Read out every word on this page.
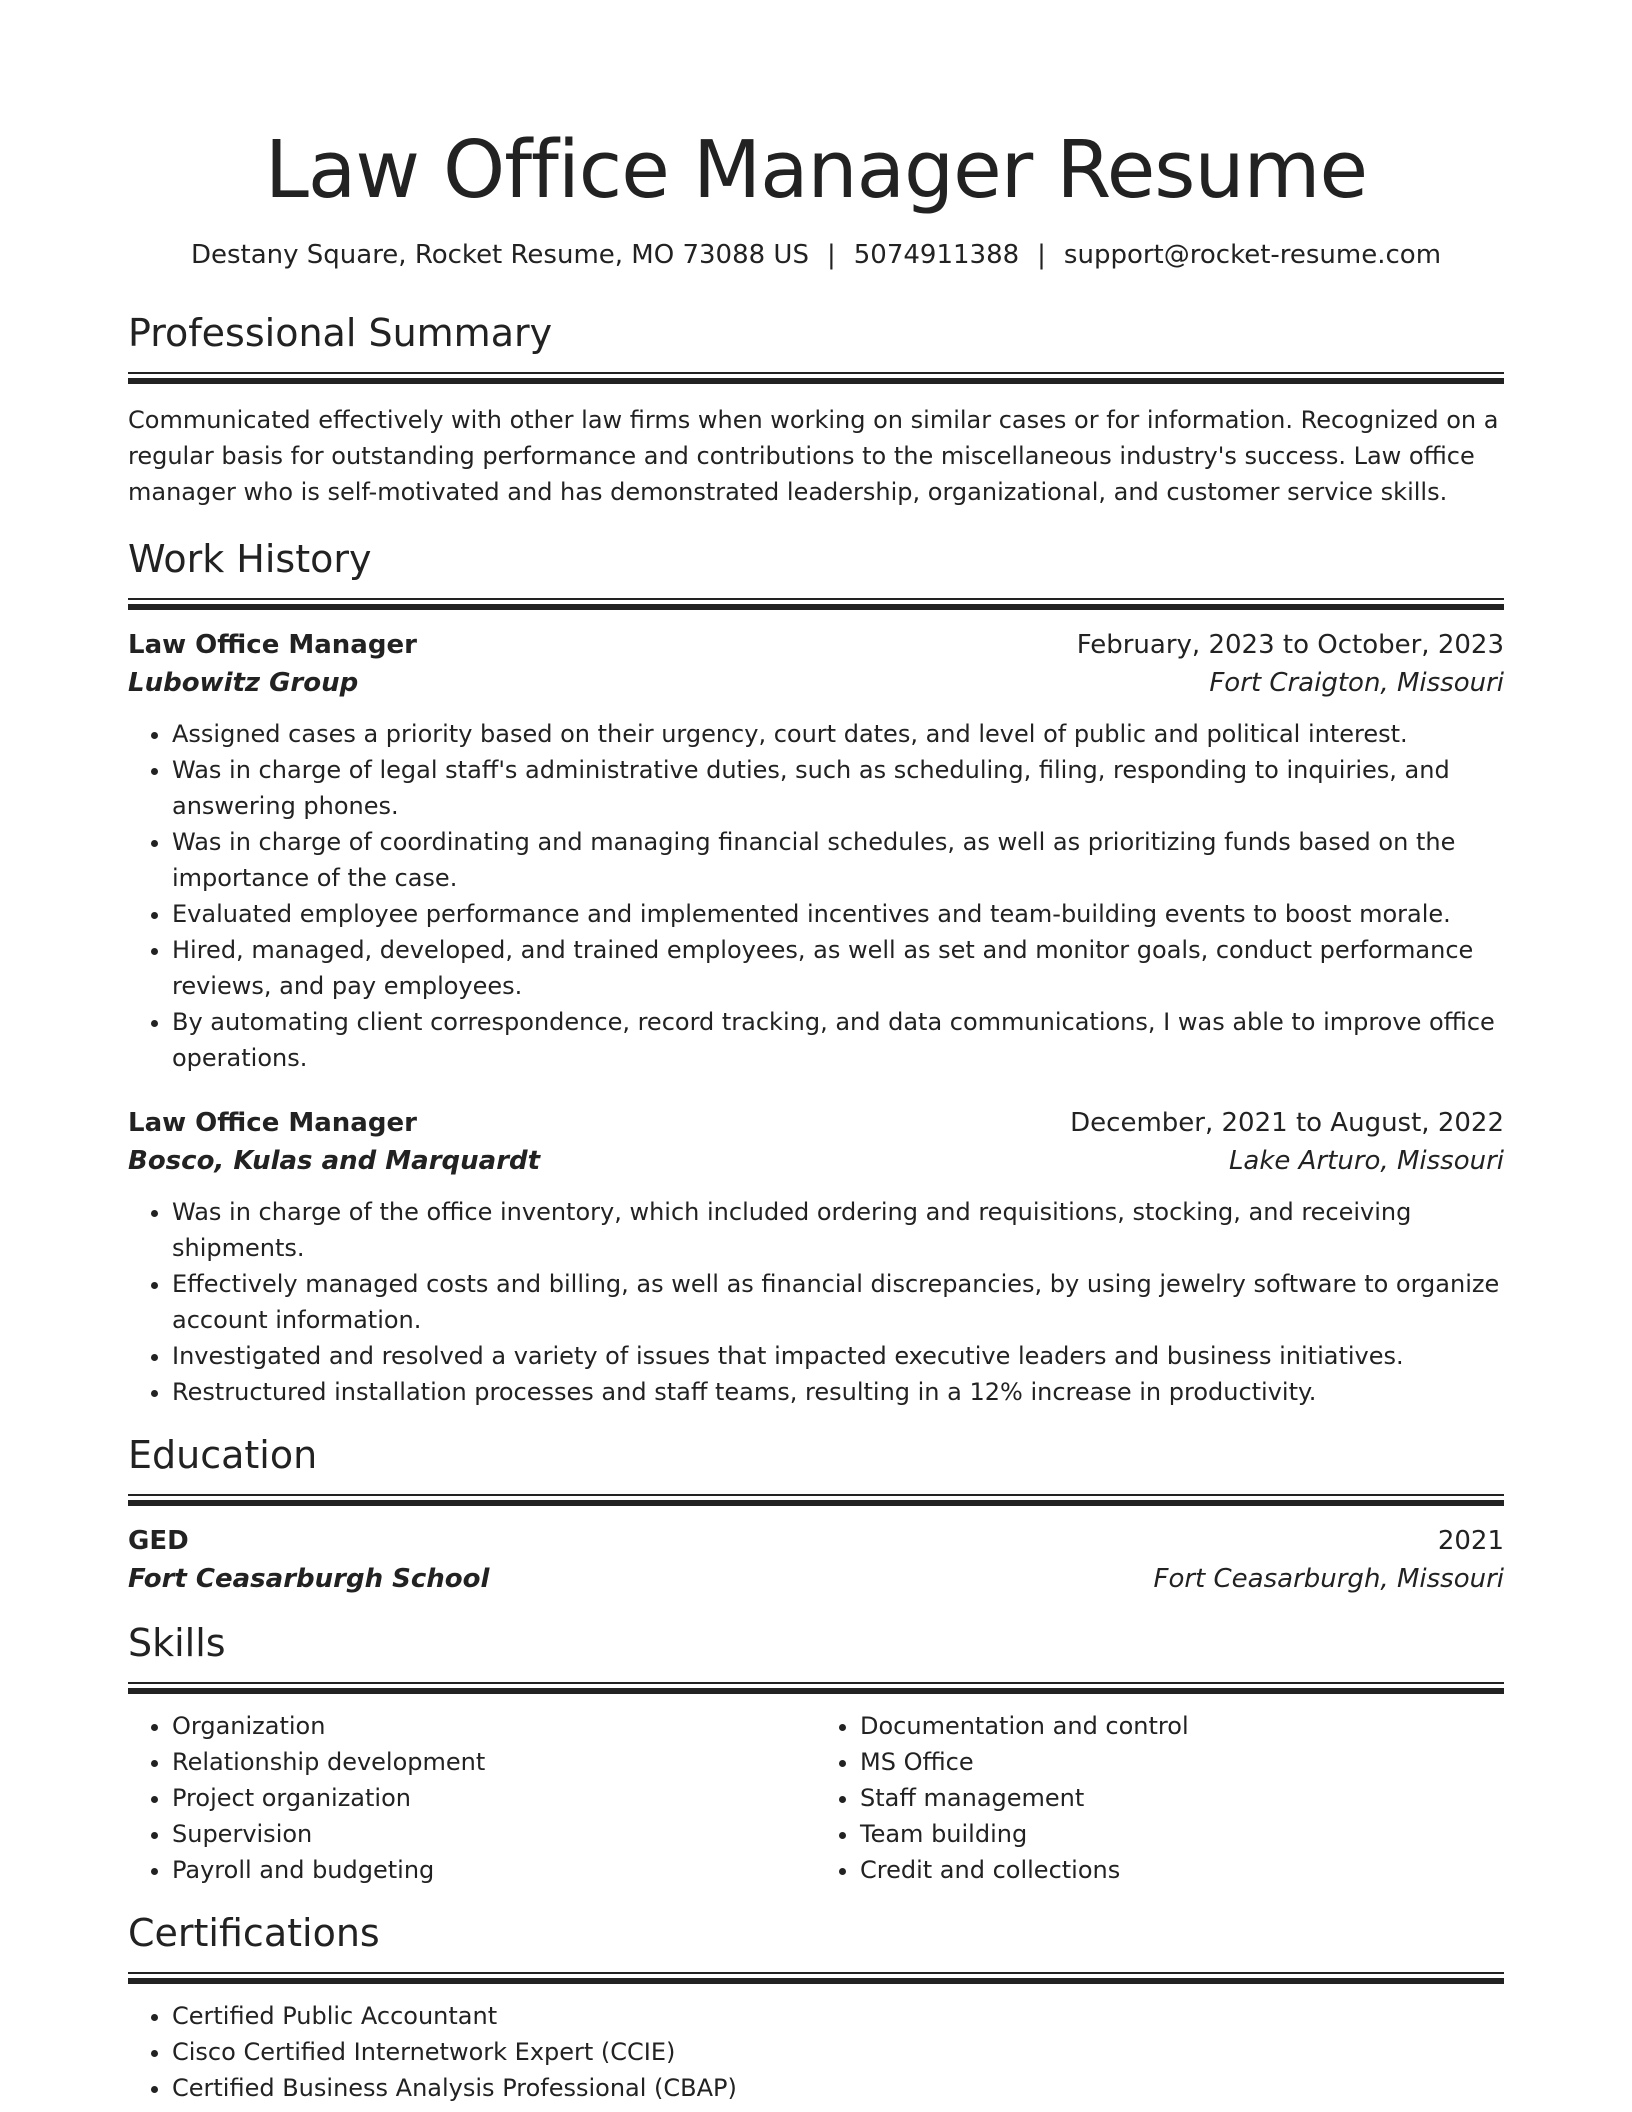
Law Office Manager Resume
Destany Square, Rocket Resume, MO 73088 US | 5074911388 | support@rocket-resume.com
Professional Summary
Communicated effectively with other law firms when working on similar cases or for information. Recognized on a regular basis for outstanding performance and contributions to the miscellaneous industry's success. Law office manager who is self-motivated and has demonstrated leadership, organizational, and customer service skills.
Work History
Law Office Manager	February, 2023 to October, 2023
Lubowitz Group	Fort Craigton, Missouri
• Assigned cases a priority based on their urgency, court dates, and level of public and political interest.
• Was in charge of legal staff's administrative duties, such as scheduling, filing, responding to inquiries, and answering phones.
• Was in charge of coordinating and managing financial schedules, as well as prioritizing funds based on the importance of the case.
• Evaluated employee performance and implemented incentives and team-building events to boost morale.
• Hired, managed, developed, and trained employees, as well as set and monitor goals, conduct performance reviews, and pay employees.
• By automating client correspondence, record tracking, and data communications, I was able to improve office operations.
Law Office Manager	December, 2021 to August, 2022
Bosco, Kulas and Marquardt	Lake Arturo, Missouri
• Was in charge of the office inventory, which included ordering and requisitions, stocking, and receiving shipments.
• Effectively managed costs and billing, as well as financial discrepancies, by using jewelry software to organize account information.
• Investigated and resolved a variety of issues that impacted executive leaders and business initiatives.
• Restructured installation processes and staff teams, resulting in a 12% increase in productivity.
Education
GED	2021
Fort Ceasarburgh School	Fort Ceasarburgh, Missouri
Skills
• Organization
• Relationship development
• Project organization
• Supervision
• Payroll and budgeting
• Documentation and control
• MS Office
• Staff management
• Team building
• Credit and collections
Certifications
• Certified Public Accountant
• Cisco Certified Internetwork Expert (CCIE)
• Certified Business Analysis Professional (CBAP)
